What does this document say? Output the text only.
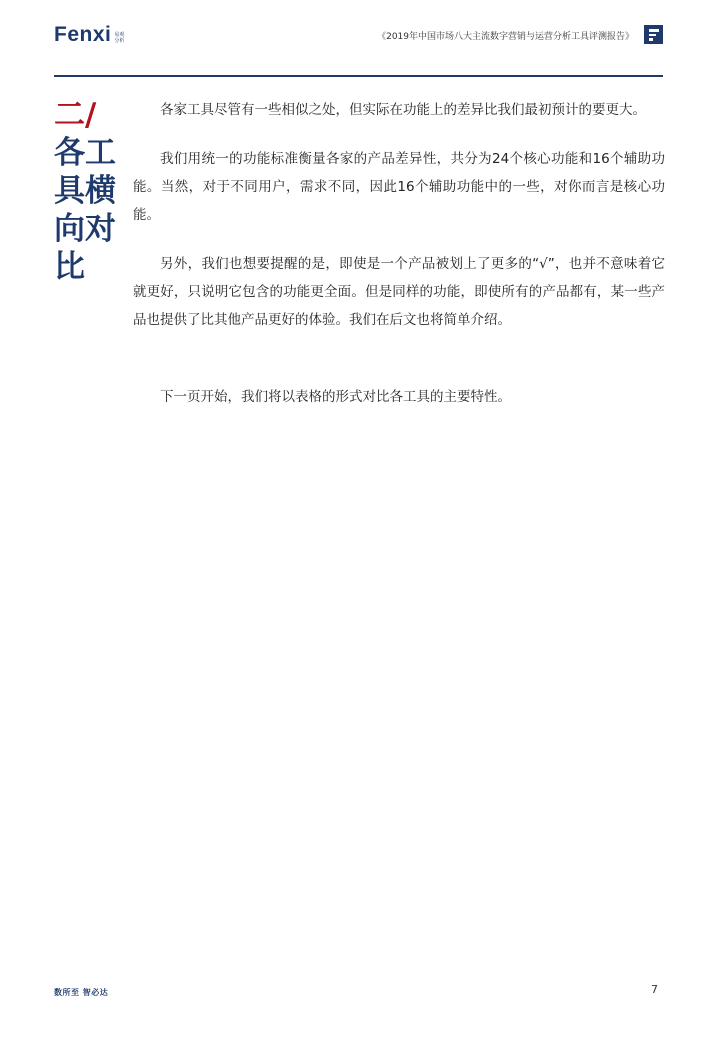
Fenxi 易观
分析	《2019年中国市场八大主流数字营销与运营分析工具评测报告》
二/
各工
具横
向对
比

各家工具尽管有一些相似之处，但实际在功能上的差异比我们最初预计的要更大。

我们用统一的功能标准衡量各家的产品差异性，共分为24个核心功能和16个辅助功能。当然，对于不同用户，需求不同，因此16个辅助功能中的一些，对你而言是核心功能。

另外，我们也想要提醒的是，即使是一个产品被划上了更多的“√”，也并不意味着它就更好，只说明它包含的功能更全面。但是同样的功能，即使所有的产品都有，某一些产品也提供了比其他产品更好的体验。我们在后文也将简单介绍。

下一页开始，我们将以表格的形式对比各工具的主要特性。

数所至 智必达	7
